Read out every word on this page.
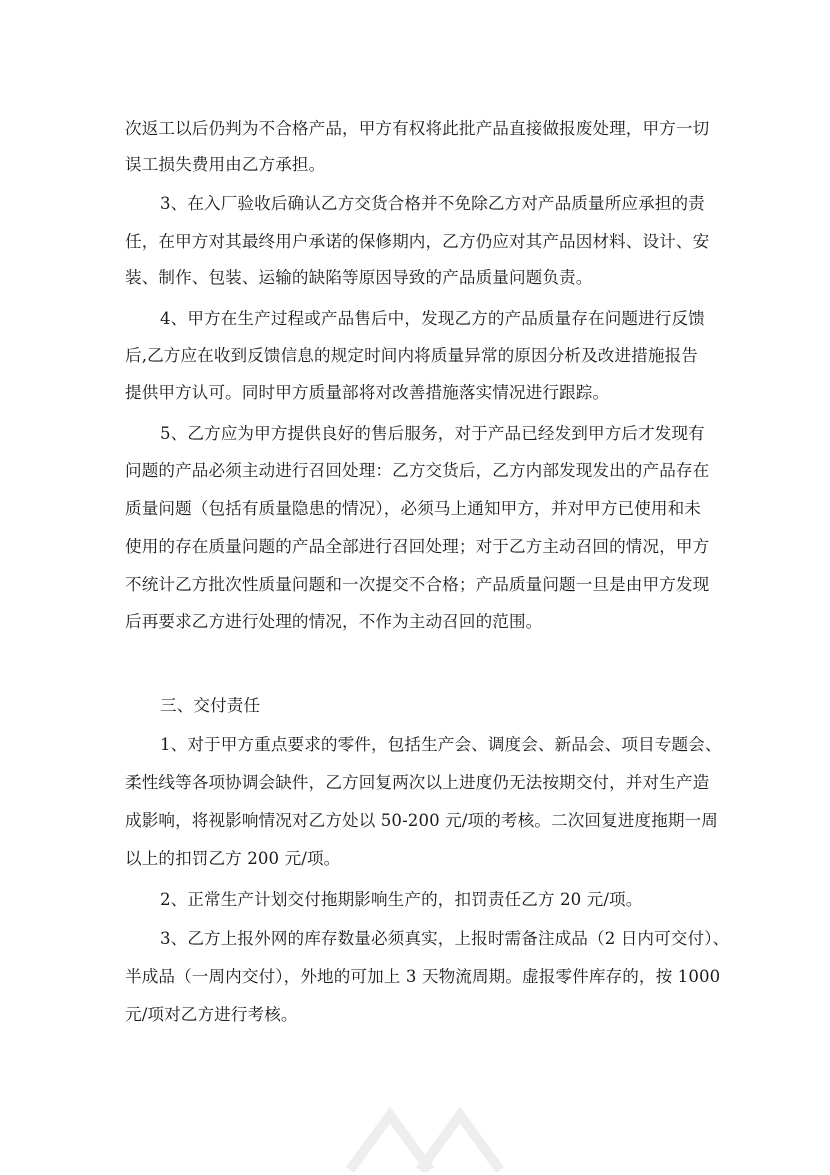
次返工以后仍判为不合格产品，甲方有权将此批产品直接做报废处理，甲方一切
误工损失费用由乙方承担。
3、在入厂验收后确认乙方交货合格并不免除乙方对产品质量所应承担的责
任，在甲方对其最终用户承诺的保修期内，乙方仍应对其产品因材料、设计、安
装、制作、包装、运输的缺陷等原因导致的产品质量问题负责。
4、甲方在生产过程或产品售后中，发现乙方的产品质量存在问题进行反馈
后,乙方应在收到反馈信息的规定时间内将质量异常的原因分析及改进措施报告
提供甲方认可。同时甲方质量部将对改善措施落实情况进行跟踪。
5、乙方应为甲方提供良好的售后服务，对于产品已经发到甲方后才发现有
问题的产品必须主动进行召回处理：乙方交货后，乙方内部发现发出的产品存在
质量问题（包括有质量隐患的情况），必须马上通知甲方，并对甲方已使用和未
使用的存在质量问题的产品全部进行召回处理；对于乙方主动召回的情况，甲方
不统计乙方批次性质量问题和一次提交不合格；产品质量问题一旦是由甲方发现
后再要求乙方进行处理的情况，不作为主动召回的范围。
三、交付责任
1、对于甲方重点要求的零件，包括生产会、调度会、新品会、项目专题会、
柔性线等各项协调会缺件，乙方回复两次以上进度仍无法按期交付，并对生产造
成影响，将视影响情况对乙方处以 50-200 元/项的考核。二次回复进度拖期一周
以上的扣罚乙方 200 元/项。
2、正常生产计划交付拖期影响生产的，扣罚责任乙方 20 元/项。
3、乙方上报外网的库存数量必须真实，上报时需备注成品（2 日内可交付）、
半成品（一周内交付），外地的可加上 3 天物流周期。虚报零件库存的，按 1000
元/项对乙方进行考核。
